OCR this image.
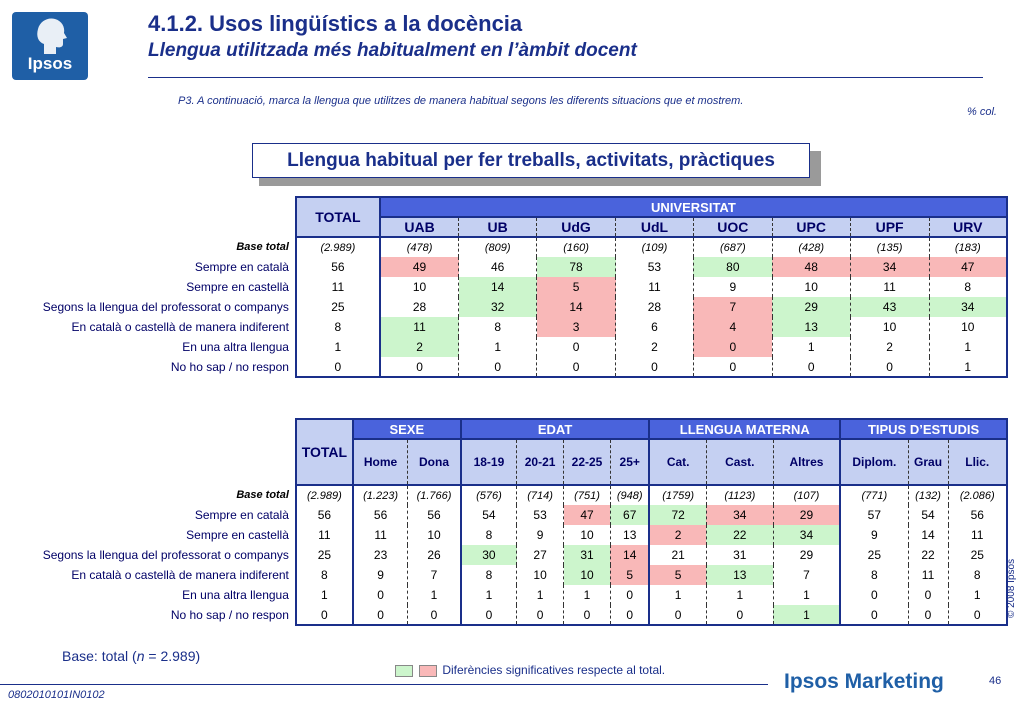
Ipsos
4.1.2. Usos lingüístics a la docència
Llengua utilitzada més habitualment en l’àmbit docent
P3. A continuació, marca la llengua que utilitzes de manera habitual segons les diferents situacions que et mostrem.
% col.
Llengua habitual per fer treballs, activitats, pràctiques
	TOTAL	UNIVERSITAT							
		UAB	UB	UdG	UdL	UOC	UPC	UPF	URV
Base total	(2.989)	(478)	(809)	(160)	(109)	(687)	(428)	(135)	(183)
Sempre en català	56	49	46	78	53	80	48	34	47
Sempre en castellà	11	10	14	5	11	9	10	11	8
Segons la llengua del professorat o companys	25	28	32	14	28	7	29	43	34
En català o castellà de manera indiferent	8	11	8	3	6	4	13	10	10
En una altra llengua	1	2	1	0	2	0	1	2	1
No ho sap / no respon	0	0	0	0	0	0	0	0	1
	TOTAL	SEXE		EDAT				LLENGUA MATERNA			TIPUS D’ESTUDIS		
		Home	Dona	18-19	20-21	22-25	25+	Cat.	Cast.	Altres	Diplom.	Grau	Llic.
Base total	(2.989)	(1.223)	(1.766)	(576)	(714)	(751)	(948)	(1759)	(1123)	(107)	(771)	(132)	(2.086)
Sempre en català	56	56	56	54	53	47	67	72	34	29	57	54	56
Sempre en castellà	11	11	10	8	9	10	13	2	22	34	9	14	11
Segons la llengua del professorat o companys	25	23	26	30	27	31	14	21	31	29	25	22	25
En català o castellà de manera indiferent	8	9	7	8	10	10	5	5	13	7	8	11	8
En una altra llengua	1	0	1	1	1	1	0	1	1	1	0	0	1
No ho sap / no respon	0	0	0	0	0	0	0	0	0	1	0	0	0
Base: total (n = 2.989)
Diferències significatives respecte al total.
0802010101IN0102
Ipsos Marketing	46
© 2008 Ipsos
